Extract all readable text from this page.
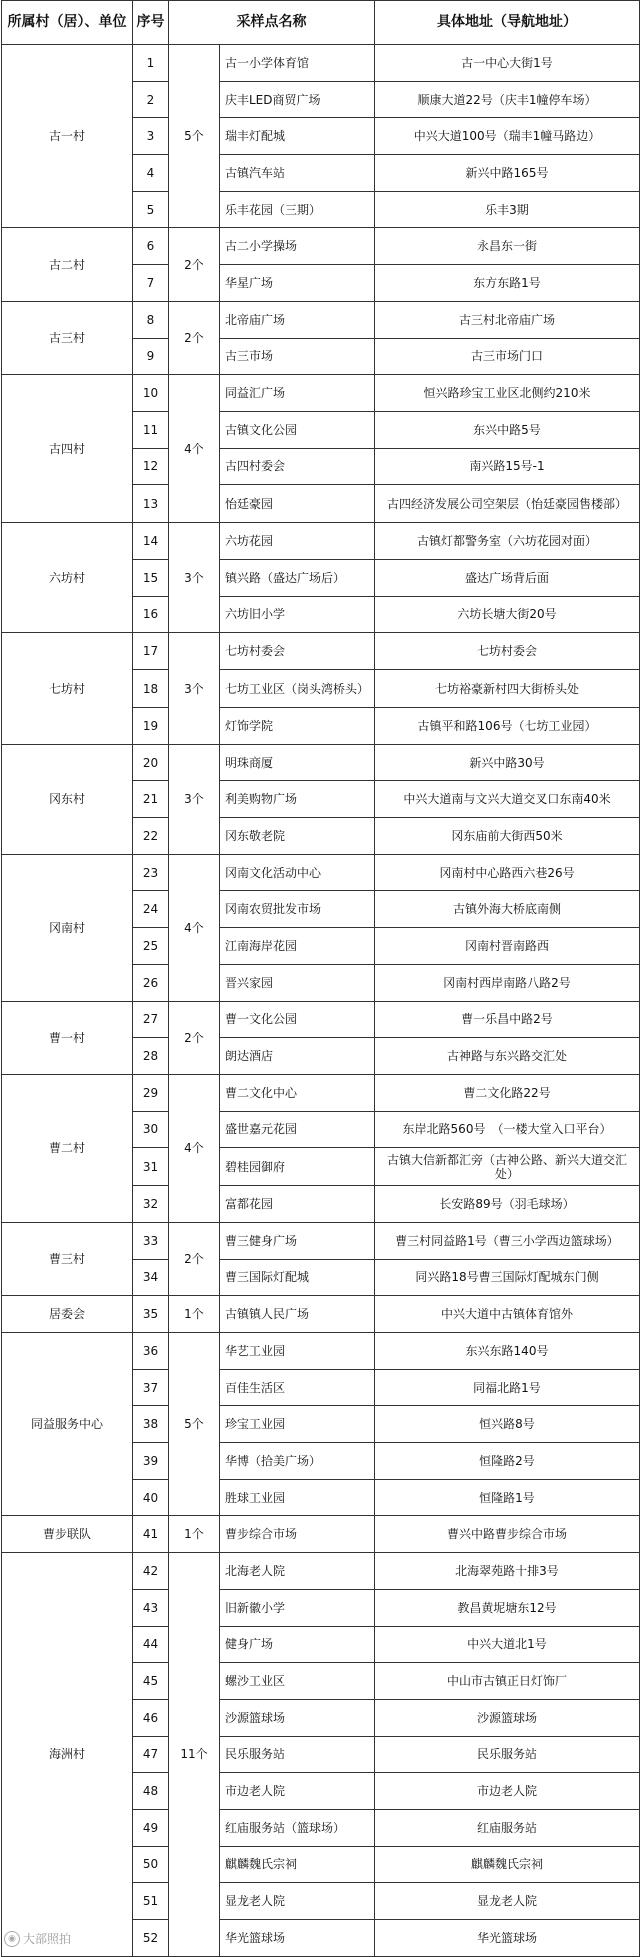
所属村（居）、单位	序号	采样点名称		具体地址（导航地址）
古一村	1	5个	古一小学体育馆	古一中心大街1号
	2		庆丰LED商贸广场	顺康大道22号（庆丰1幢停车场）
	3		瑞丰灯配城	中兴大道100号（瑞丰1幢马路边）
	4		古镇汽车站	新兴中路165号
	5		乐丰花园（三期）	乐丰3期
古二村	6	2个	古二小学操场	永昌东一街
	7		华星广场	东方东路1号
古三村	8	2个	北帝庙广场	古三村北帝庙广场
	9		古三市场	古三市场门口
古四村	10	4个	同益汇广场	恒兴路珍宝工业区北侧约210米
	11		古镇文化公园	东兴中路5号
	12		古四村委会	南兴路15号-1
	13		怡廷豪园	古四经济发展公司空架层（怡廷豪园售楼部）
六坊村	14	3个	六坊花园	古镇灯都警务室（六坊花园对面）
	15		镇兴路（盛达广场后）	盛达广场背后面
	16		六坊旧小学	六坊长塘大街20号
七坊村	17	3个	七坊村委会	七坊村委会
	18		七坊工业区（岗头湾桥头）	七坊裕豪新村四大街桥头处
	19		灯饰学院	古镇平和路106号（七坊工业园）
冈东村	20	3个	明珠商厦	新兴中路30号
	21		利美购物广场	中兴大道南与文兴大道交叉口东南40米
	22		冈东敬老院	冈东庙前大街西50米
冈南村	23	4个	冈南文化活动中心	冈南村中心路西六巷26号
	24		冈南农贸批发市场	古镇外海大桥底南侧
	25		江南海岸花园	冈南村晋南路西
	26		晋兴家园	冈南村西岸南路八路2号
曹一村	27	2个	曹一文化公园	曹一乐昌中路2号
	28		朗达酒店	古神路与东兴路交汇处
曹二村	29	4个	曹二文化中心	曹二文化路22号
	30		盛世嘉元花园	东岸北路560号　（一楼大堂入口平台）
	31		碧桂园御府	古镇大信新都汇旁（古神公路、新兴大道交汇处）
	32		富都花园	长安路89号（羽毛球场）
曹三村	33	2个	曹三健身广场	曹三村同益路1号（曹三小学西边篮球场）
	34		曹三国际灯配城	同兴路18号曹三国际灯配城东门侧
居委会	35	1个	古镇镇人民广场	中兴大道中古镇体育馆外
同益服务中心	36	5个	华艺工业园	东兴东路140号
	37		百佳生活区	同福北路1号
	38		珍宝工业园	恒兴路8号
	39		华博（拾美广场）	恒隆路2号
	40		胜球工业园	恒隆路1号
曹步联队	41	1个	曹步综合市场	曹兴中路曹步综合市场
海洲村	42	11个	北海老人院	北海翠苑路十排3号
	43		旧新徽小学	教昌黄坭塘东12号
	44		健身广场	中兴大道北1号
	45		螺沙工业区	中山市古镇正日灯饰厂
	46		沙源篮球场	沙源篮球场
	47		民乐服务站	民乐服务站
	48		市边老人院	市边老人院
	49		红庙服务站（篮球场）	红庙服务站
	50		麒麟魏氏宗祠	麒麟魏氏宗祠
	51		显龙老人院	显龙老人院
	52		华光篮球场	华光篮球场
◉ 大部照拍
